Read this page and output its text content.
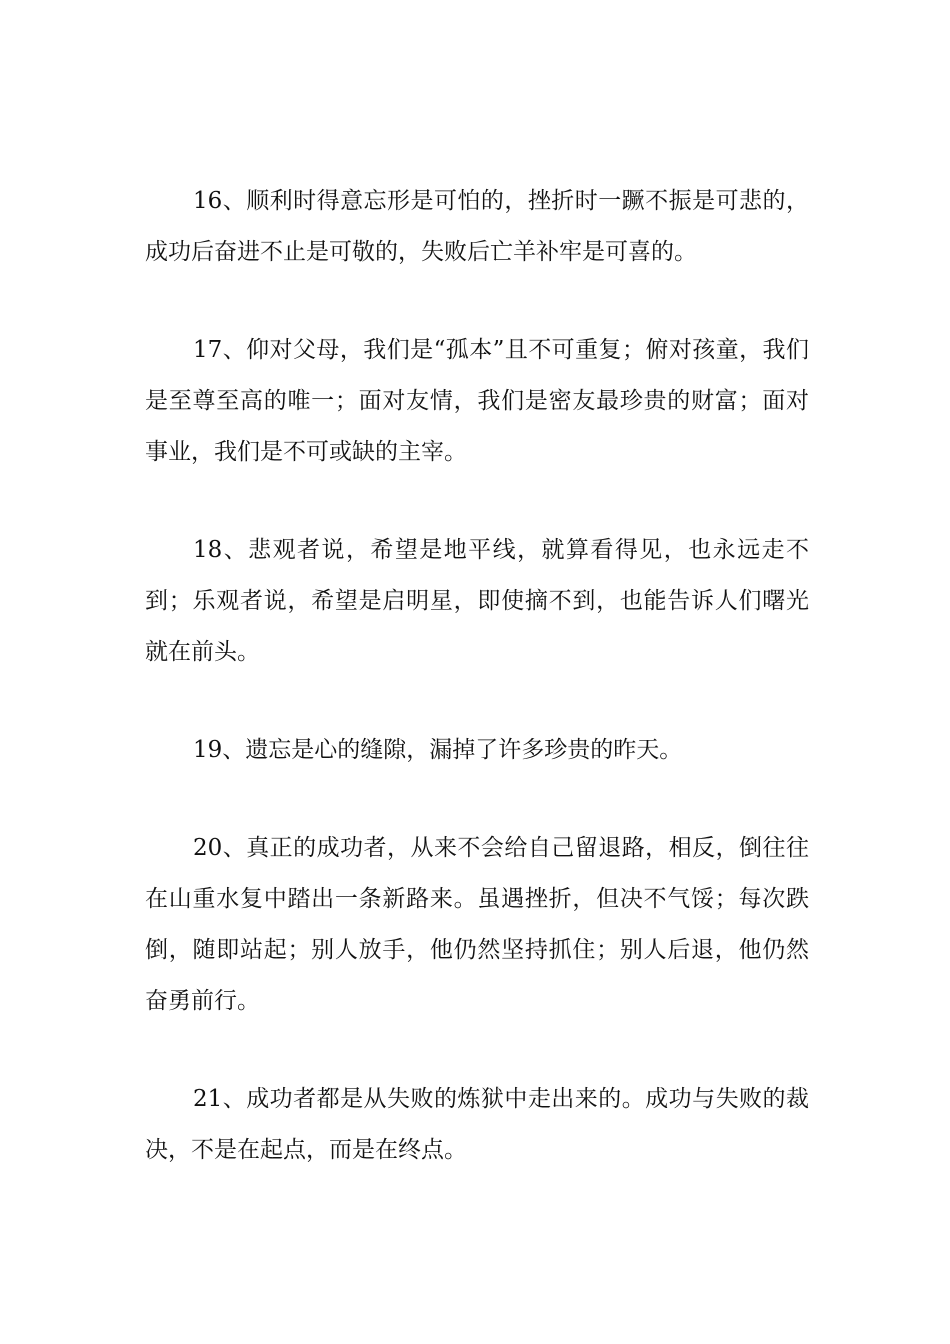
16、顺利时得意忘形是可怕的，挫折时一蹶不振是可悲的，成功后奋进不止是可敬的，失败后亡羊补牢是可喜的。

17、仰对父母，我们是“孤本”且不可重复；俯对孩童，我们是至尊至高的唯一；面对友情，我们是密友最珍贵的财富；面对事业，我们是不可或缺的主宰。

18、悲观者说，希望是地平线，就算看得见，也永远走不到；乐观者说，希望是启明星，即使摘不到，也能告诉人们曙光就在前头。

19、遗忘是心的缝隙，漏掉了许多珍贵的昨天。

20、真正的成功者，从来不会给自己留退路，相反，倒往往在山重水复中踏出一条新路来。虽遇挫折，但决不气馁；每次跌倒，随即站起；别人放手，他仍然坚持抓住；别人后退，他仍然奋勇前行。

21、成功者都是从失败的炼狱中走出来的。成功与失败的裁决，不是在起点，而是在终点。
